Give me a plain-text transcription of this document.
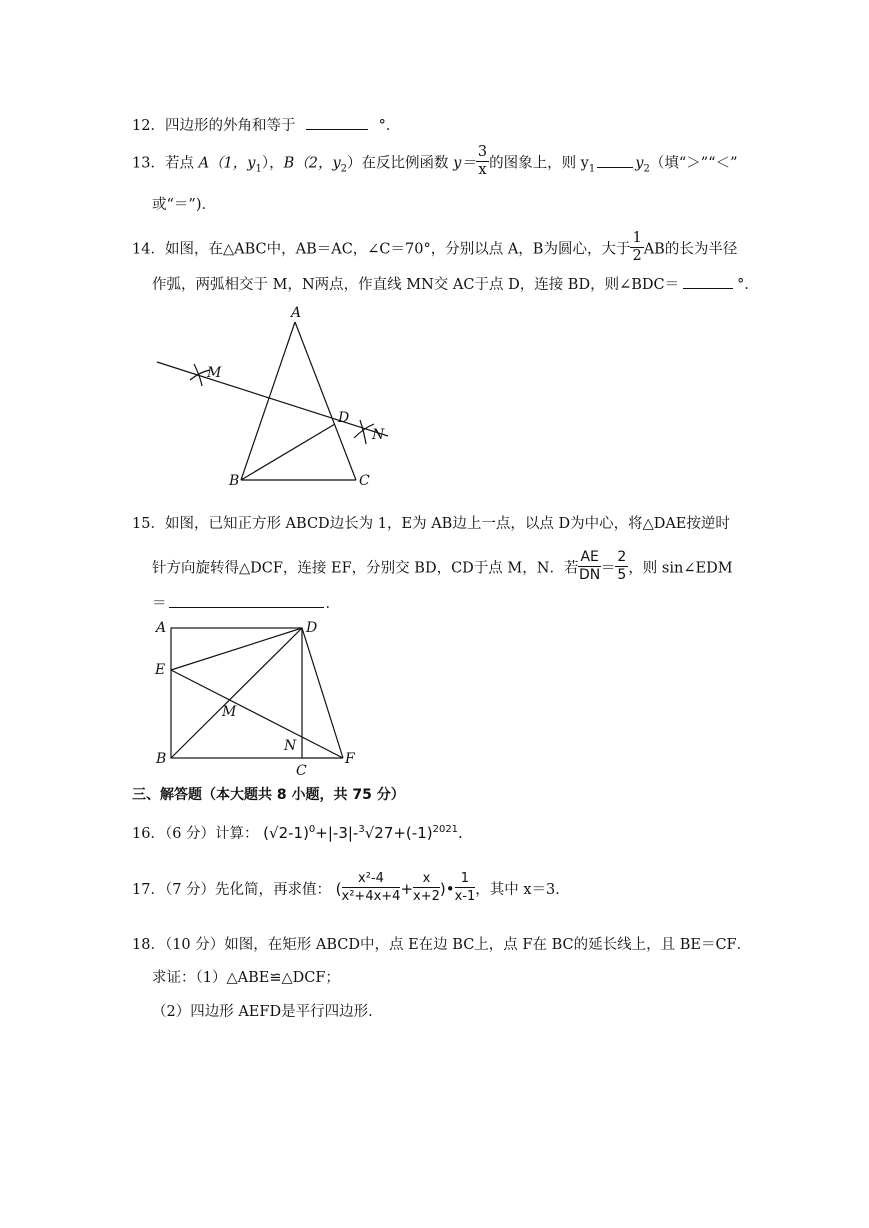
12．四边形的外角和等于	°．
13．若点 A（1，$y_1$），B（2，$y_2$）在反比例函数 $y= \frac{3}{x}$ 的图象上，则 $y_1$	$y_2$（填“＞”“＜”
或“＝”)．
14．如图，在△ABC中，AB＝AC，∠C＝70°，分别以点 A，B为圆心，大于 $\frac{1}{2}$ AB的长为半径
作弧，两弧相交于 M，N两点，作直线 MN交 AC于点 D，连接 BD，则∠BDC＝	°．
A
B	C
D
M
N
15．如图，已知正方形 ABCD边长为 1，E为 AB边上一点，以点 D为中心，将△DAE按逆时
针方向旋转得△DCF，连接 EF，分别交 BD，CD于点 M，N．若 $\frac{AE}{DN} = \frac{2}{5}$ ，则 sin∠EDM
＝	．
A	D
E
M
N
B
C
F
三、解答题（本大题共 8 小题，共 75 分）
16．（6 分）计算： $(√2-1)^0+|-3|-^3√27+(-1)^{2021}$.
17．（7 分）先化简，再求值： ( $\frac{\text{x²-4}}{\text{x²+4x+4}} + \frac{x}{x+2}$ )• $\frac{1}{x-1}$ ，其中 x＝3．
18．（10 分）如图，在矩形 ABCD中，点 E在边 BC上，点 F在 BC的延长线上，且 BE＝CF．
求证：（1）△ABE≌△DCF；
（2）四边形 AEFD是平行四边形．
